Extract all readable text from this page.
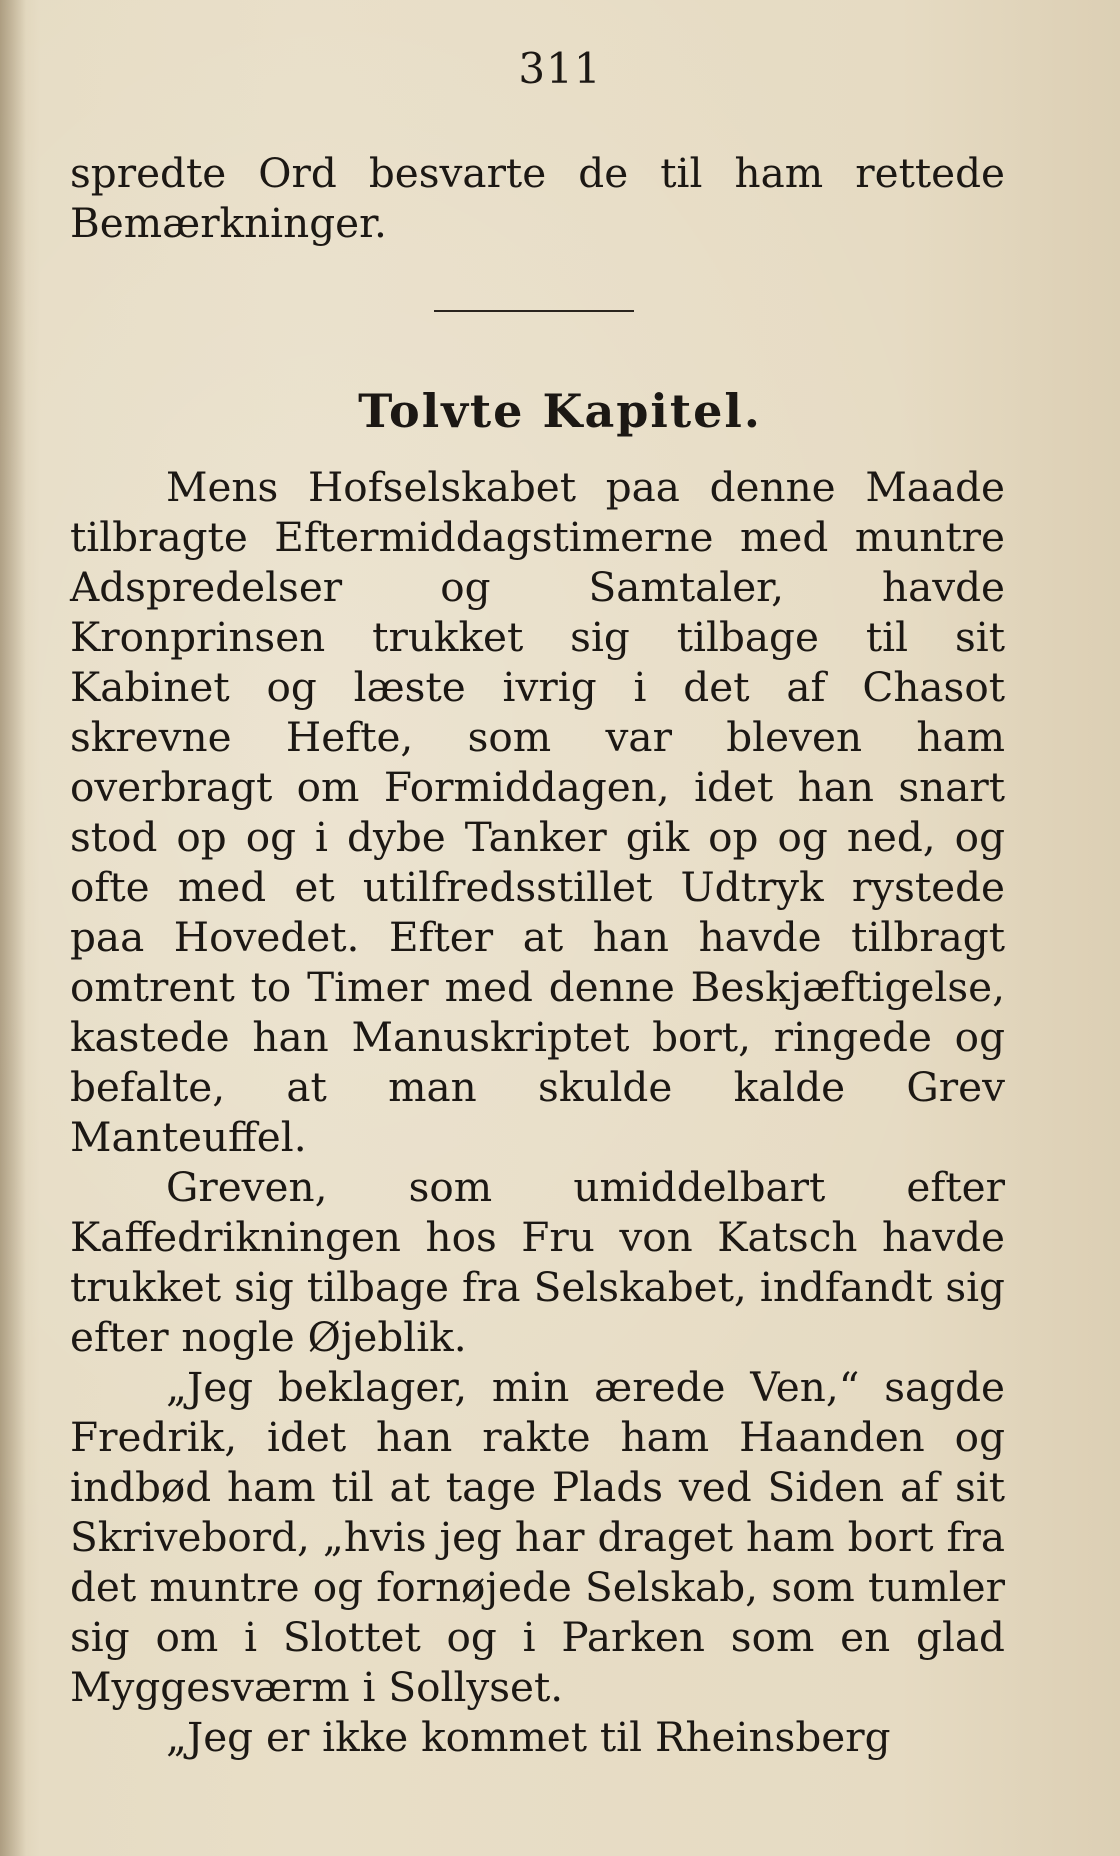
311

spredte Ord besvarte de til ham rettede Bemærkninger.

Tolvte Kapitel.

Mens Hofselskabet paa denne Maade tilbragte Eftermiddagstimerne med muntre Adspredelser og Samtaler, havde Kronprinsen trukket sig tilbage til sit Kabinet og læste ivrig i det af Chasot skrevne Hefte, som var bleven ham overbragt om Formiddagen, idet han snart stod op og i dybe Tanker gik op og ned, og ofte med et utilfredsstillet Udtryk rystede paa Hovedet. Efter at han havde tilbragt omtrent to Timer med denne Beskjæftigelse, kastede han Manuskriptet bort, ringede og befalte, at man skulde kalde Grev Manteuffel.

Greven, som umiddelbart efter Kaffedrikningen hos Fru von Katsch havde trukket sig tilbage fra Selskabet, indfandt sig efter nogle Øjeblik.

„Jeg beklager, min ærede Ven,“ sagde Fredrik, idet han rakte ham Haanden og indbød ham til at tage Plads ved Siden af sit Skrivebord, „hvis jeg har draget ham bort fra det muntre og fornøjede Selskab, som tumler sig om i Slottet og i Parken som en glad Myggesværm i Sollyset.

„Jeg er ikke kommet til Rheinsberg
